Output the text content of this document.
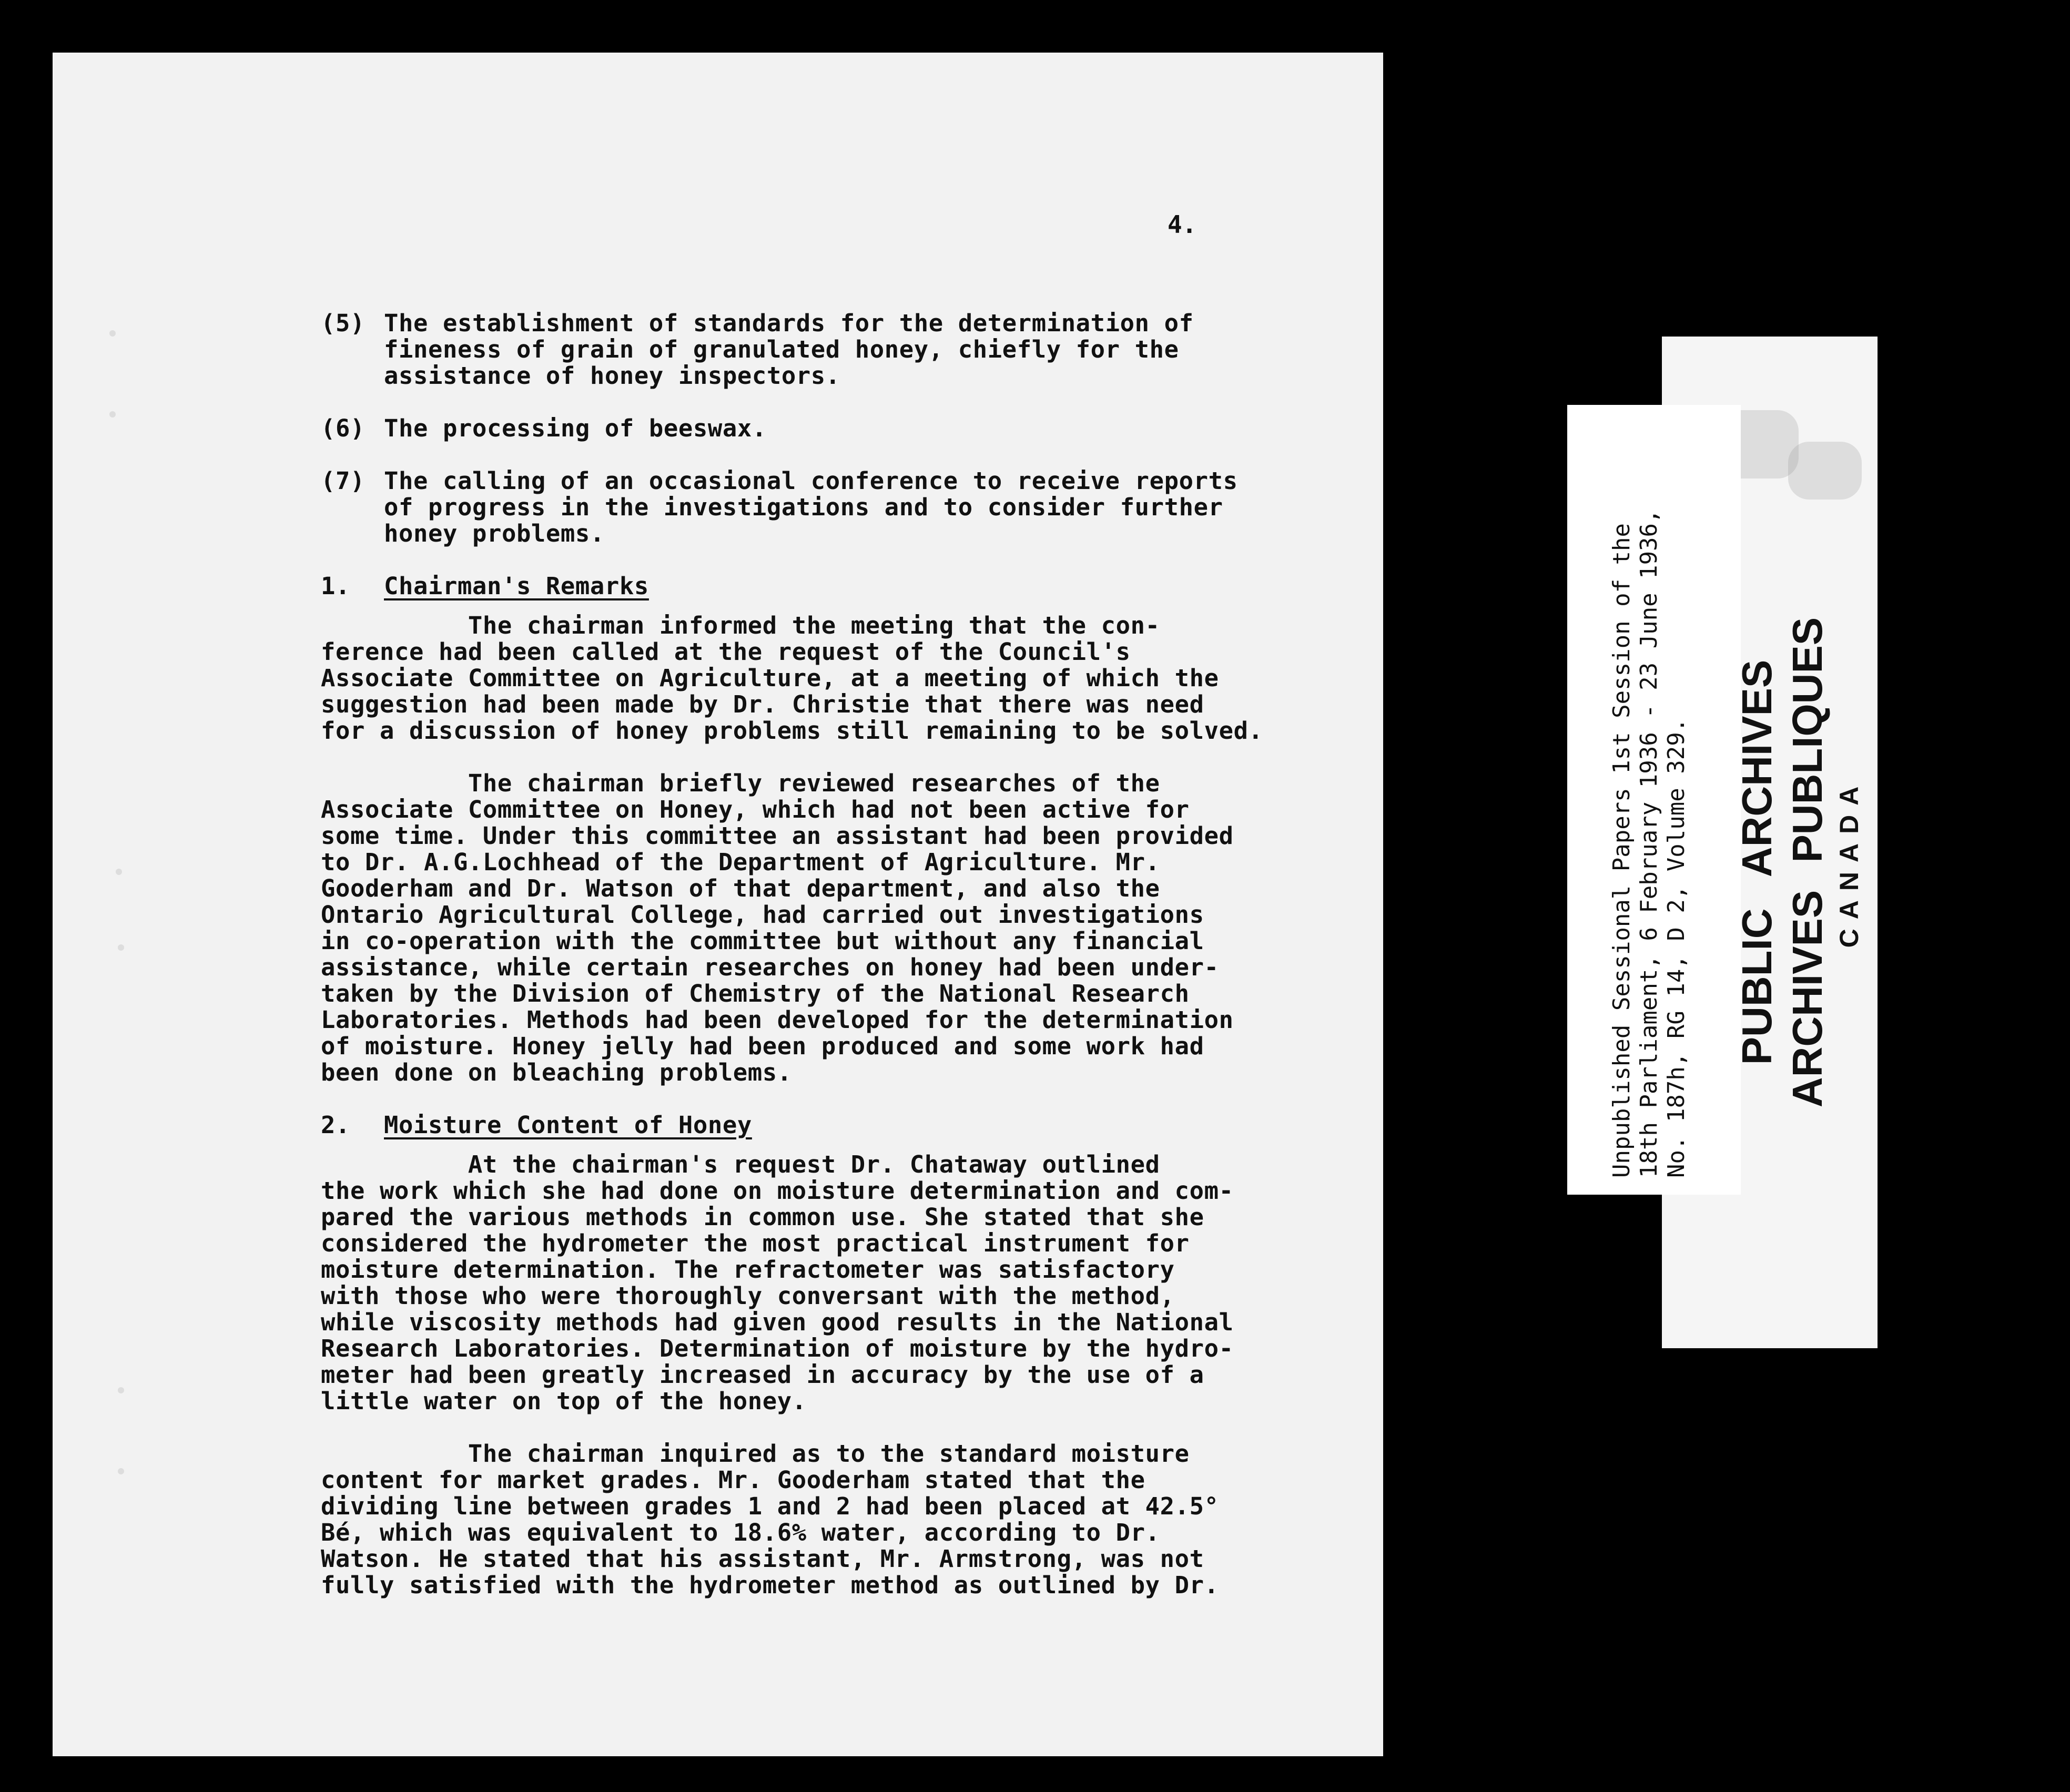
4.
(5) The establishment of standards for the determination of
fineness of grain of granulated honey, chiefly for the
assistance of honey inspectors.
(6) The processing of beeswax.
(7) The calling of an occasional conference to receive reports
of progress in the investigations and to consider further
honey problems.
1.	Chairman's Remarks
The chairman informed the meeting that the con-
ference had been called at the request of the Council's
Associate Committee on Agriculture, at a meeting of which the
suggestion had been made by Dr. Christie that there was need
for a discussion of honey problems still remaining to be solved.
The chairman briefly reviewed researches of the
Associate Committee on Honey, which had not been active for
some time. Under this committee an assistant had been provided
to Dr. A.G.Lochhead of the Department of Agriculture. Mr.
Gooderham and Dr. Watson of that department, and also the
Ontario Agricultural College, had carried out investigations
in co-operation with the committee but without any financial
assistance, while certain researches on honey had been under-
taken by the Division of Chemistry of the National Research
Laboratories. Methods had been developed for the determination
of moisture. Honey jelly had been produced and some work had
been done on bleaching problems.
2.	Moisture Content of Honey
At the chairman's request Dr. Chataway outlined
the work which she had done on moisture determination and com-
pared the various methods in common use. She stated that she
considered the hydrometer the most practical instrument for
moisture determination. The refractometer was satisfactory
with those who were thoroughly conversant with the method,
while viscosity methods had given good results in the National
Research Laboratories. Determination of moisture by the hydro-
meter had been greatly increased in accuracy by the use of a
little water on top of the honey.
The chairman inquired as to the standard moisture
content for market grades. Mr. Gooderham stated that the
dividing line between grades 1 and 2 had been placed at 42.5°
Bé, which was equivalent to 18.6% water, according to Dr.
Watson. He stated that his assistant, Mr. Armstrong, was not
fully satisfied with the hydrometer method as outlined by Dr.
Unpublished Sessional Papers 1st Session of the
18th Parliament, 6 February 1936 - 23 June 1936,
No. 187h, RG 14, D 2, Volume 329. PUBLIC ARCHIVES ARCHIVES PUBLIQUES CANADA
